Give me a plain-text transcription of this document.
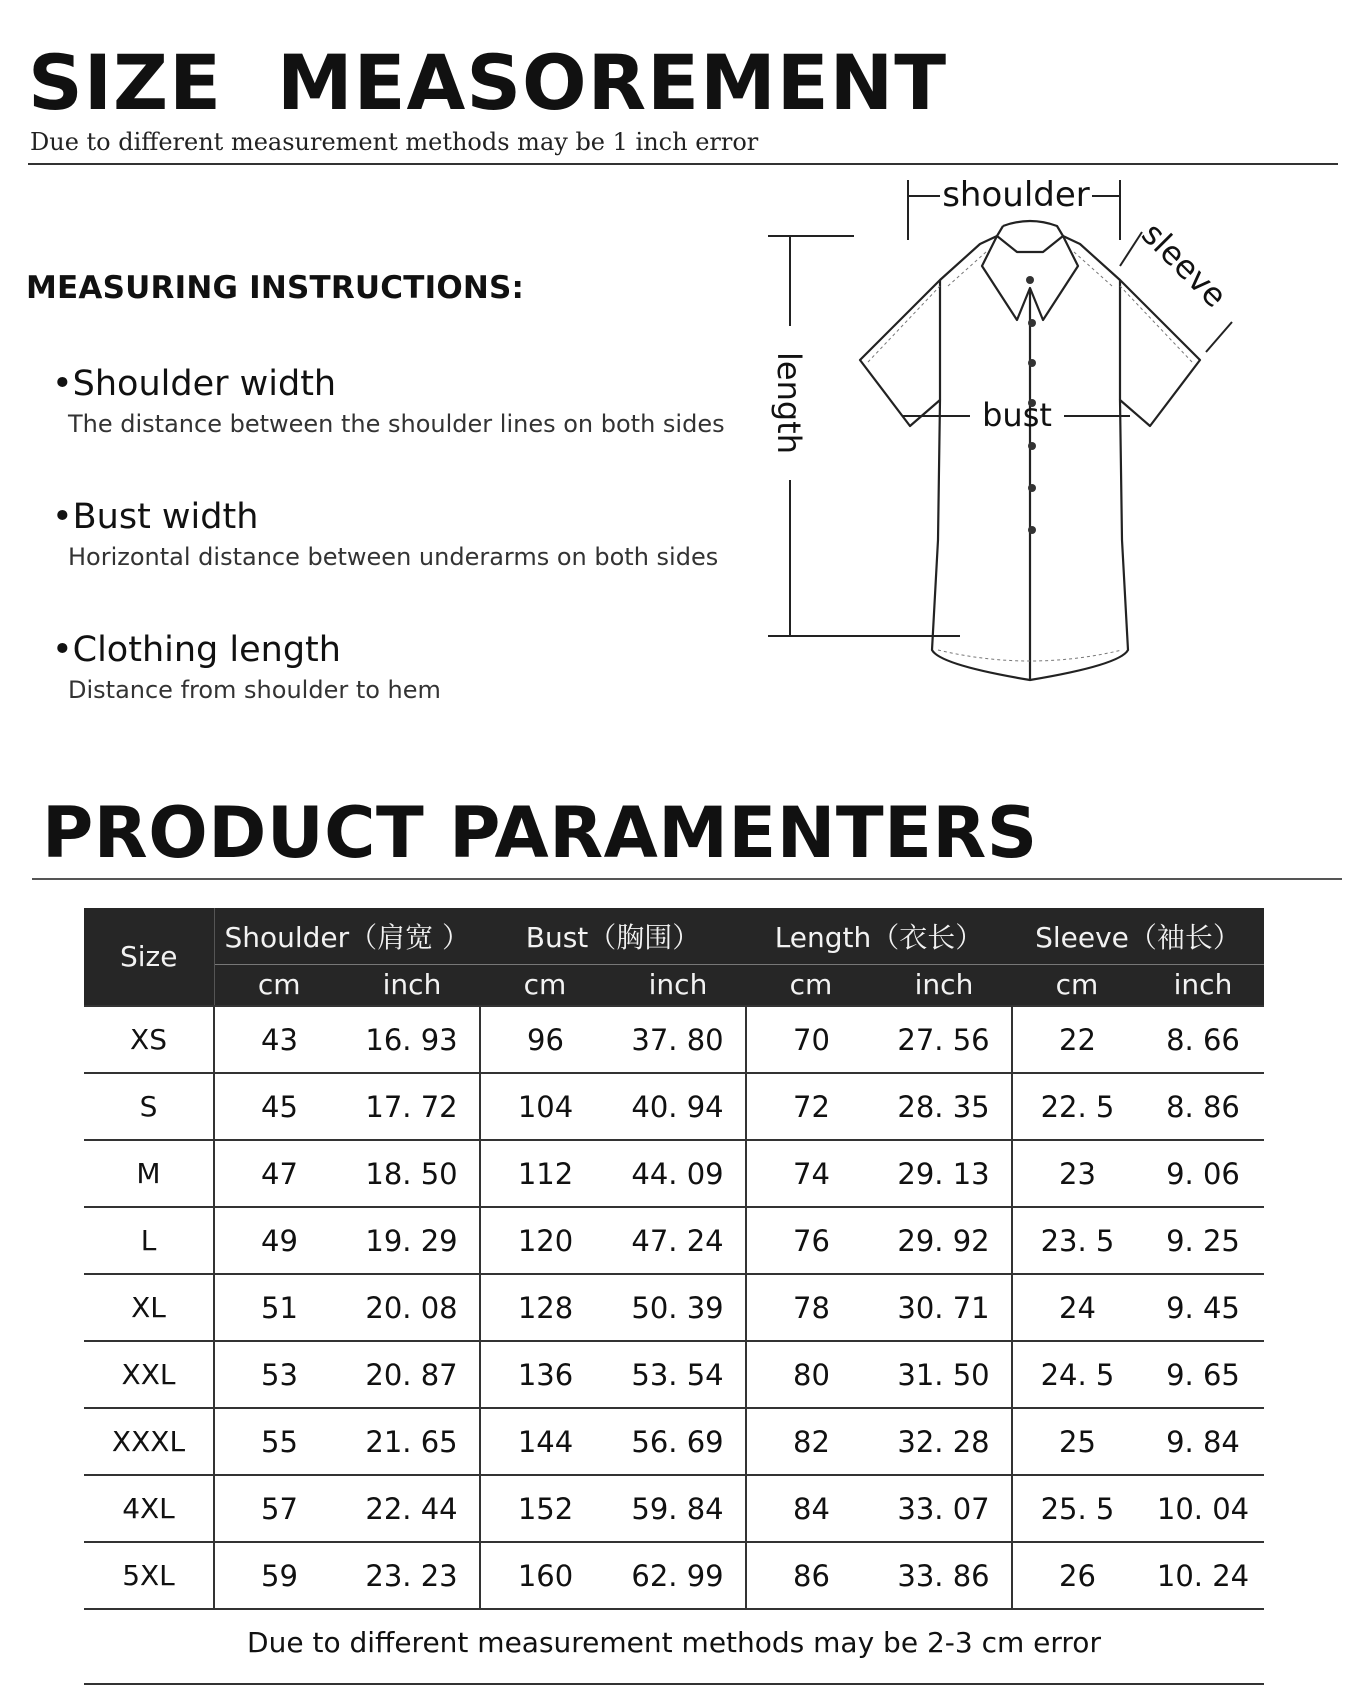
SIZE  MEASOREMENT
Due to different measurement methods may be 1 inch error
MEASURING INSTRUCTIONS:
•Shoulder width
The distance between the shoulder lines on both sides
•Bust width
Horizontal distance between underarms on both sides
•Clothing length
Distance from shoulder to hem
shoulder
sleeve
length	bust
PRODUCT PARAMENTERS
Size	Shoulder（肩宽 ）		Bust（胸围）		Length（衣长）		Sleeve（袖长）	
	cm	inch	cm	inch	cm	inch	cm	inch
XS	43	16. 93	96	37. 80	70	27. 56	22	8. 66
S	45	17. 72	104	40. 94	72	28. 35	22. 5	8. 86
M	47	18. 50	112	44. 09	74	29. 13	23	9. 06
L	49	19. 29	120	47. 24	76	29. 92	23. 5	9. 25
XL	51	20. 08	128	50. 39	78	30. 71	24	9. 45
XXL	53	20. 87	136	53. 54	80	31. 50	24. 5	9. 65
XXXL	55	21. 65	144	56. 69	82	32. 28	25	9. 84
4XL	57	22. 44	152	59. 84	84	33. 07	25. 5	10. 04
5XL	59	23. 23	160	62. 99	86	33. 86	26	10. 24
Due to different measurement methods may be 2-3 cm error
